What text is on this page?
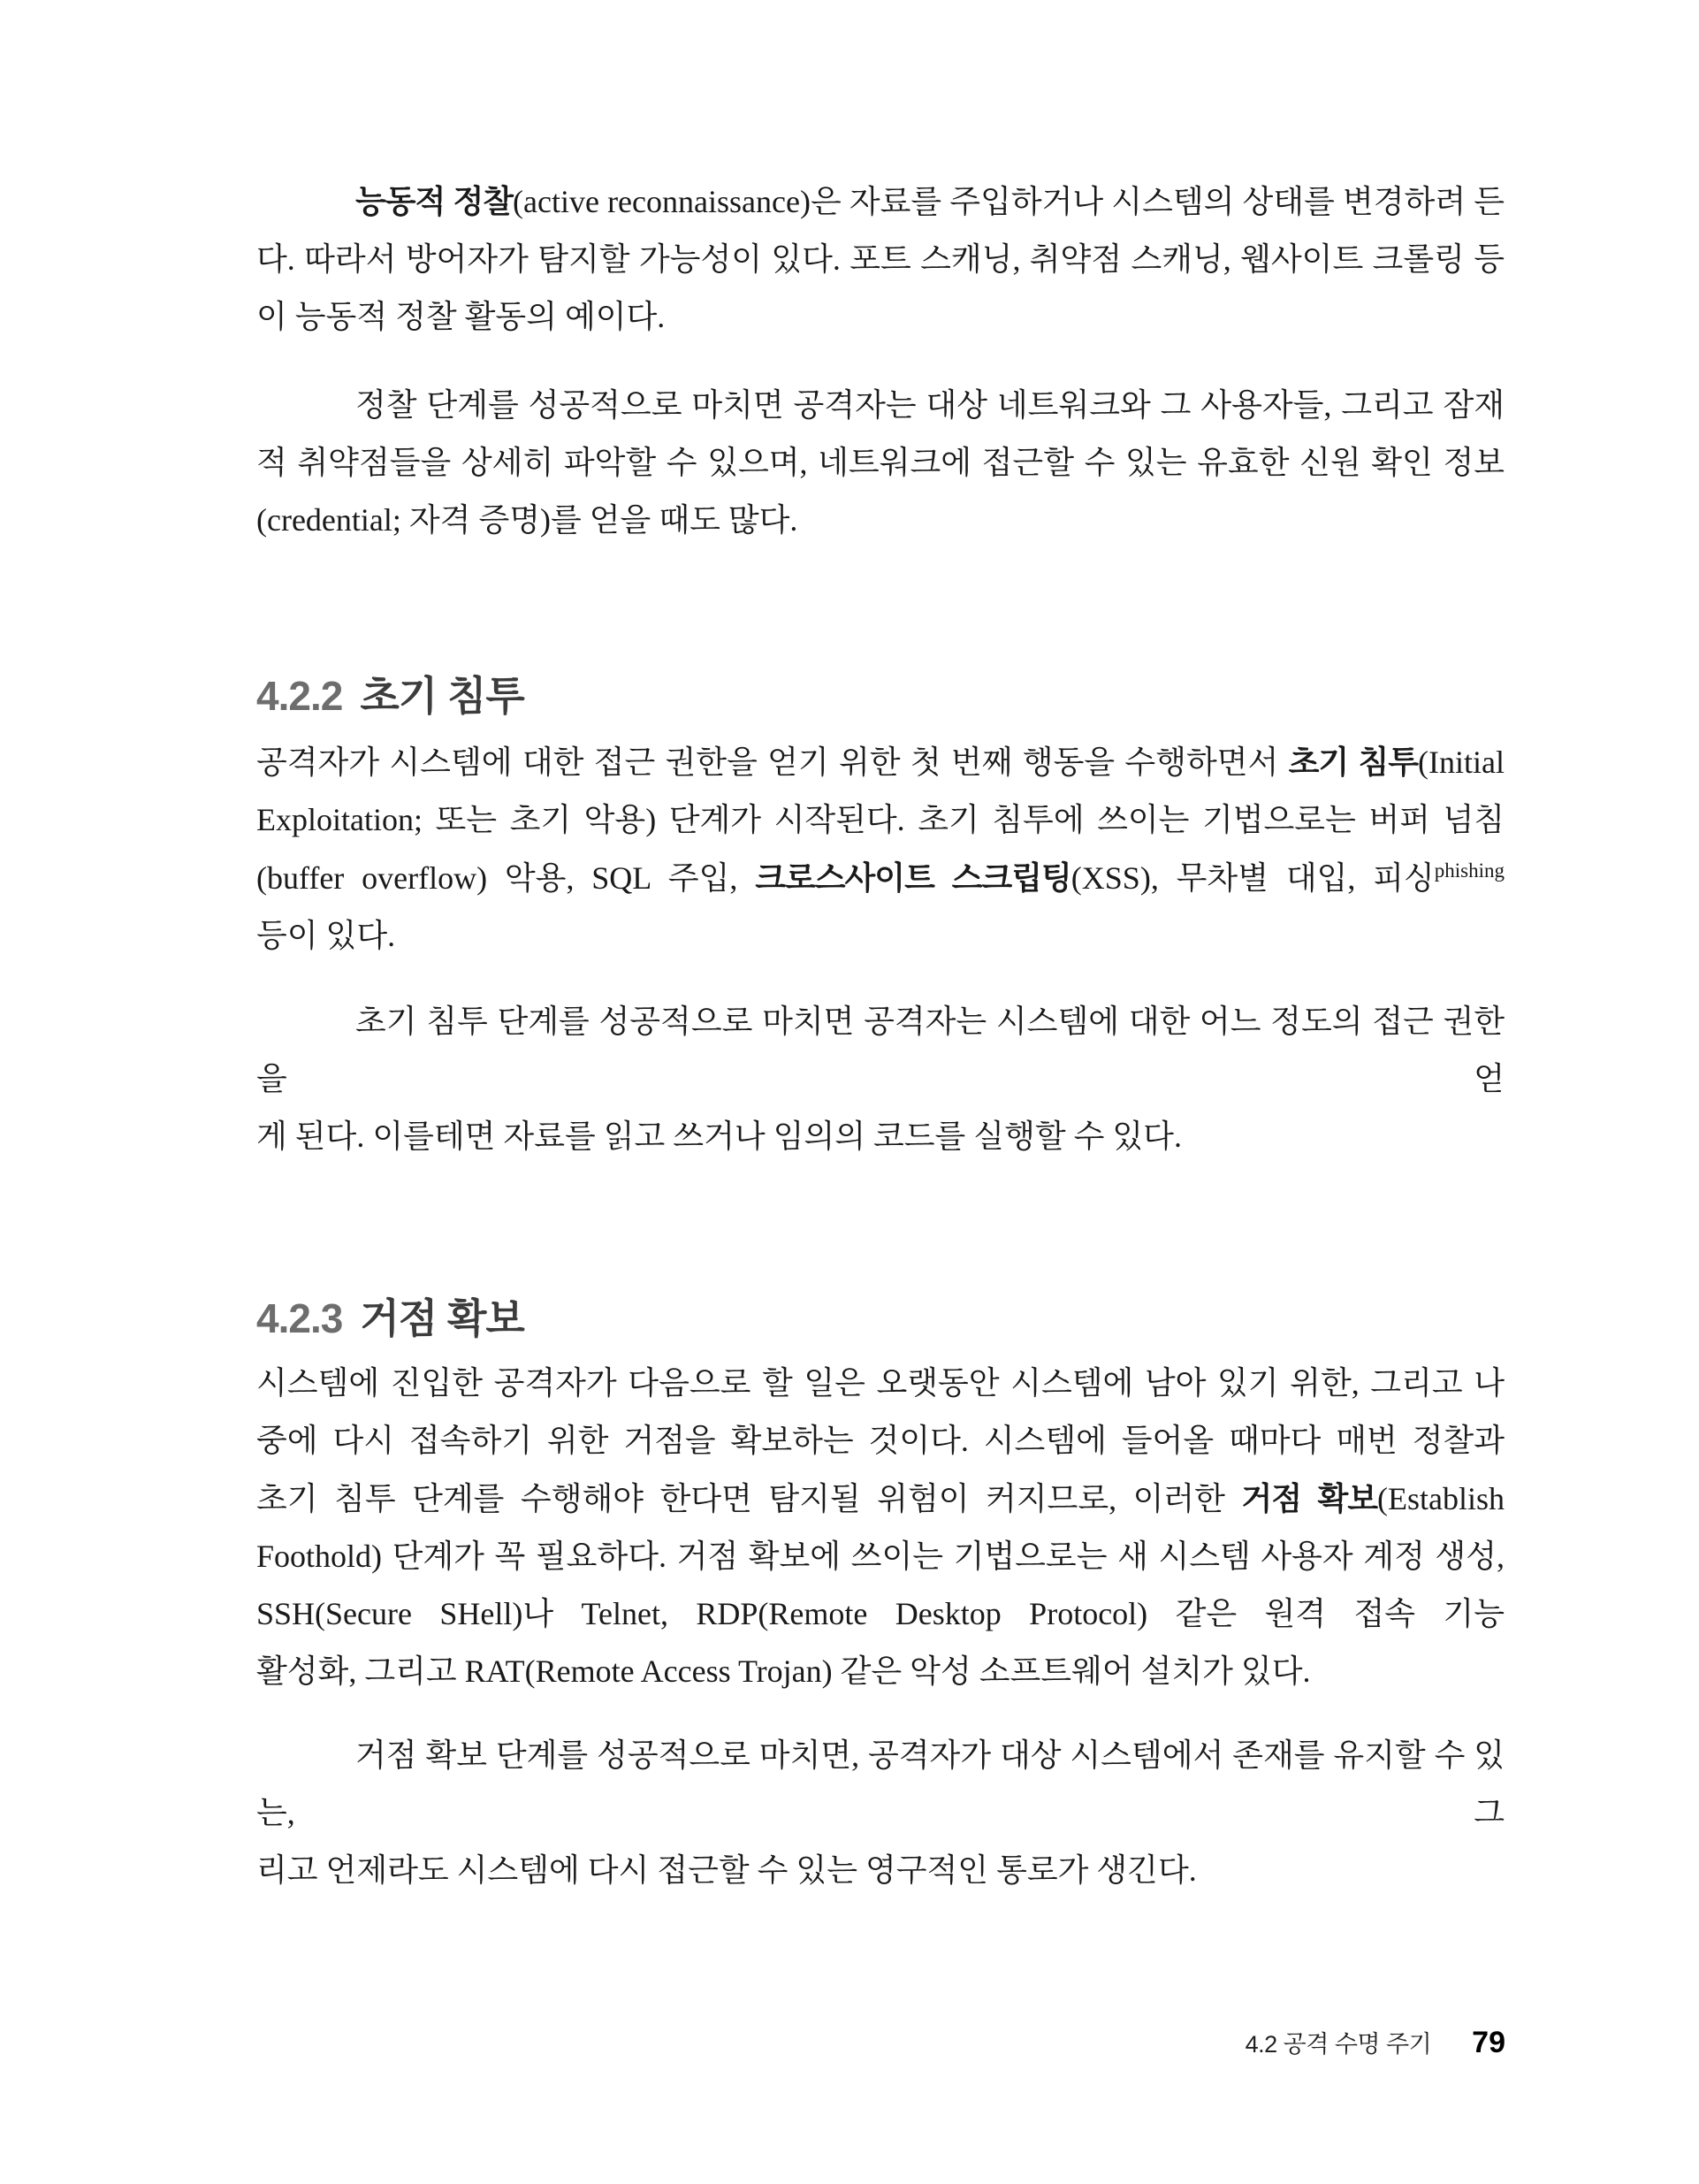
능동적 정찰(active reconnaissance)은 자료를 주입하거나 시스템의 상태를 변경하려 든
다. 따라서 방어자가 탐지할 가능성이 있다. 포트 스캐닝, 취약점 스캐닝, 웹사이트 크롤링 등
이 능동적 정찰 활동의 예이다.
정찰 단계를 성공적으로 마치면 공격자는 대상 네트워크와 그 사용자들, 그리고 잠재
적 취약점들을 상세히 파악할 수 있으며, 네트워크에 접근할 수 있는 유효한 신원 확인 정보
(credential; 자격 증명)를 얻을 때도 많다.
4.2.2 초기 침투
공격자가 시스템에 대한 접근 권한을 얻기 위한 첫 번째 행동을 수행하면서 초기 침투(Initial
Exploitation; 또는 초기 악용) 단계가 시작된다. 초기 침투에 쓰이는 기법으로는 버퍼 넘침
(buffer overflow) 악용, SQL 주입, 크로스사이트 스크립팅(XSS), 무차별 대입, 피싱$^{phishing}$
등이 있다.
초기 침투 단계를 성공적으로 마치면 공격자는 시스템에 대한 어느 정도의 접근 권한을 얻
게 된다. 이를테면 자료를 읽고 쓰거나 임의의 코드를 실행할 수 있다.
4.2.3 거점 확보
시스템에 진입한 공격자가 다음으로 할 일은 오랫동안 시스템에 남아 있기 위한, 그리고 나
중에 다시 접속하기 위한 거점을 확보하는 것이다. 시스템에 들어올 때마다 매번 정찰과
초기 침투 단계를 수행해야 한다면 탐지될 위험이 커지므로, 이러한 거점 확보(Establish
Foothold) 단계가 꼭 필요하다. 거점 확보에 쓰이는 기법으로는 새 시스템 사용자 계정 생성,
SSH(Secure SHell)나 Telnet, RDP(Remote Desktop Protocol) 같은 원격 접속 기능
활성화, 그리고 RAT(Remote Access Trojan) 같은 악성 소프트웨어 설치가 있다.
거점 확보 단계를 성공적으로 마치면, 공격자가 대상 시스템에서 존재를 유지할 수 있는, 그
리고 언제라도 시스템에 다시 접근할 수 있는 영구적인 통로가 생긴다.
4.2 공격 수명 주기 79
